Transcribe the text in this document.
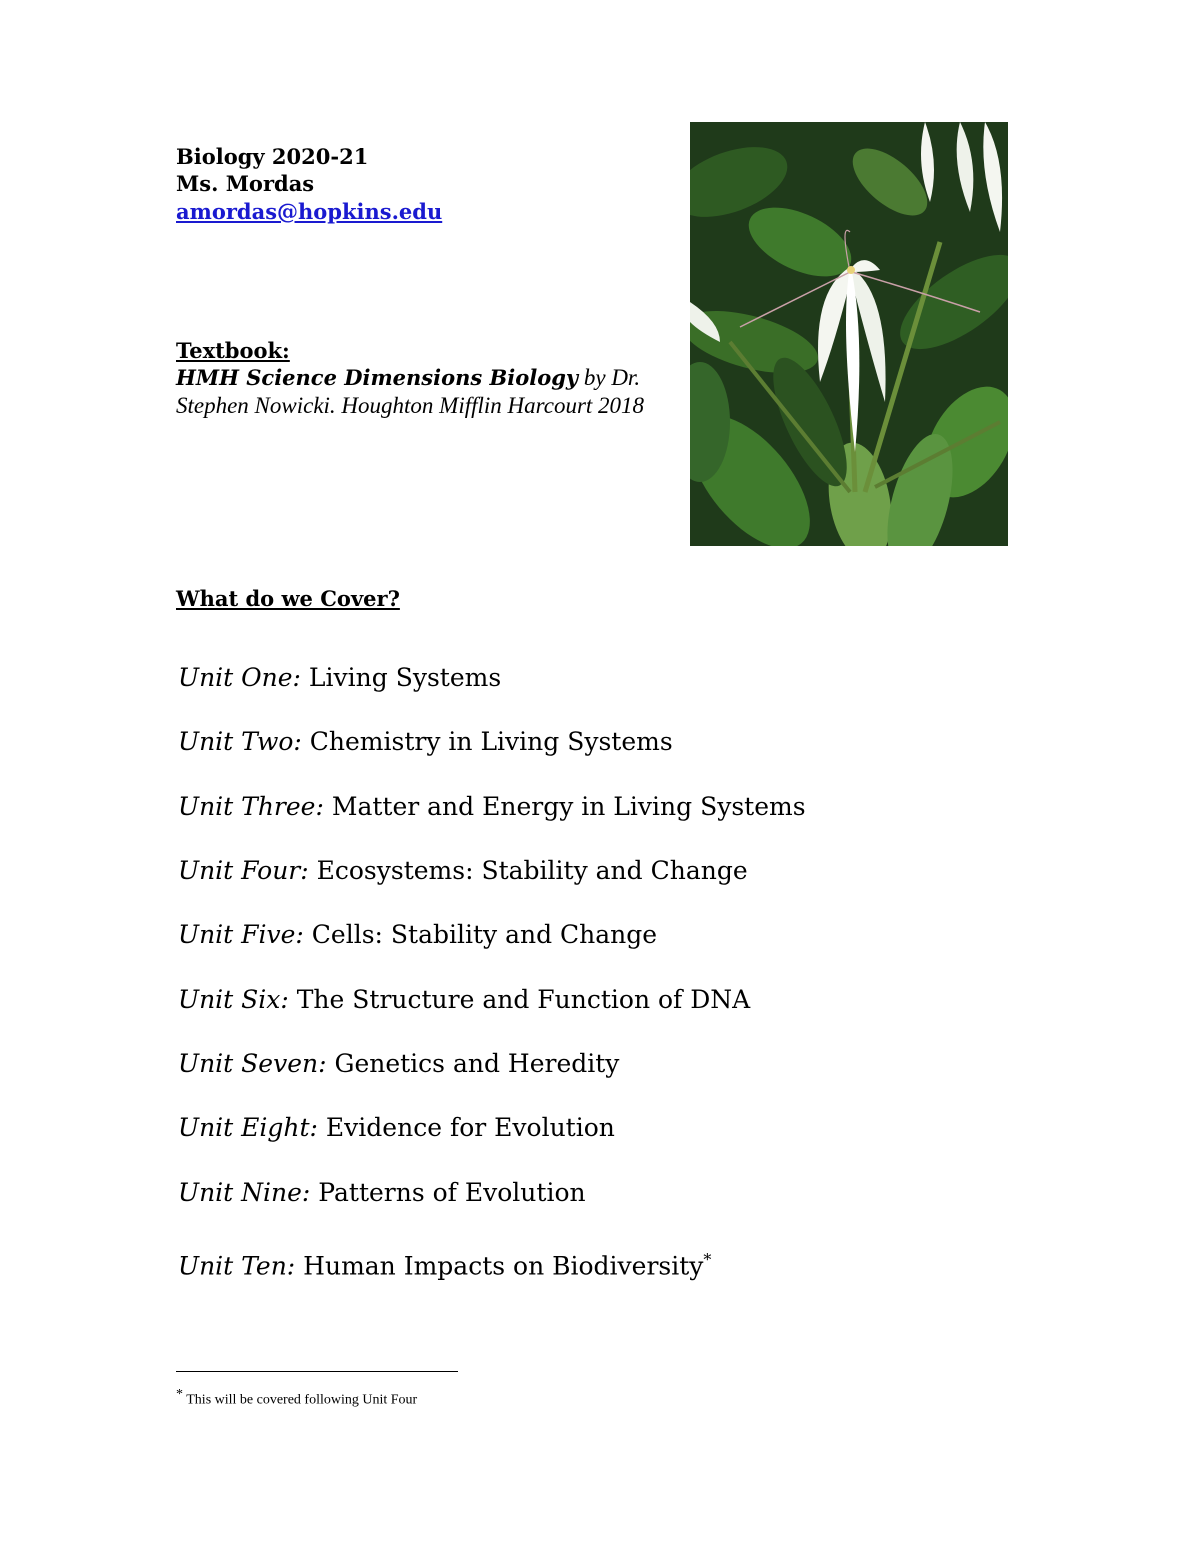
Biology 2020-21
Ms. Mordas
amordas@hopkins.edu
Textbook:
HMH Science Dimensions Biology by Dr. Stephen Nowicki. Houghton Mifflin Harcourt 2018
What do we Cover?
Unit One: Living Systems
Unit Two: Chemistry in Living Systems
Unit Three: Matter and Energy in Living Systems
Unit Four: Ecosystems: Stability and Change
Unit Five: Cells: Stability and Change
Unit Six: The Structure and Function of DNA
Unit Seven: Genetics and Heredity
Unit Eight: Evidence for Evolution
Unit Nine: Patterns of Evolution
Unit Ten: Human Impacts on Biodiversity*
* This will be covered following Unit Four
